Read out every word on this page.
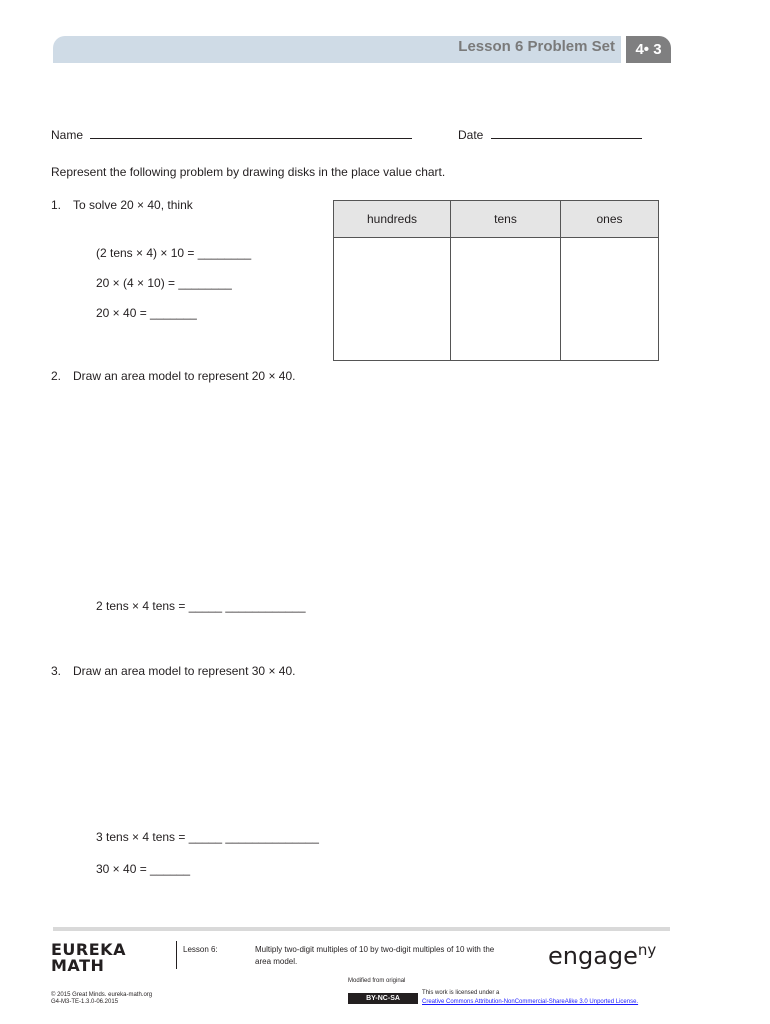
Lesson 6 Problem Set	4• 3
Name	Date
Represent the following problem by drawing disks in the place value chart.
1. To solve 20 × 40, think
(2 tens × 4) × 10 = ________
20 × (4 × 10) = ________
20 × 40 = _______
hundreds	tens	ones

2. Draw an area model to represent 20 × 40.
2 tens × 4 tens = _____ ____________
3. Draw an area model to represent 30 × 40.
3 tens × 4 tens = _____ ______________
30 × 40 = ______
EUREKA
MATH
Lesson 6:	Multiply two-digit multiples of 10 by two-digit multiples of 10 with the
area model.	engage$^{ny}$
© 2015 Great Minds. eureka-math.org
G4-M3-TE-1.3.0-06.2015
Modified from original
BY-NC-SA
This work is licensed under a
Creative Commons Attribution-NonCommercial-ShareAlike 3.0 Unported License.
